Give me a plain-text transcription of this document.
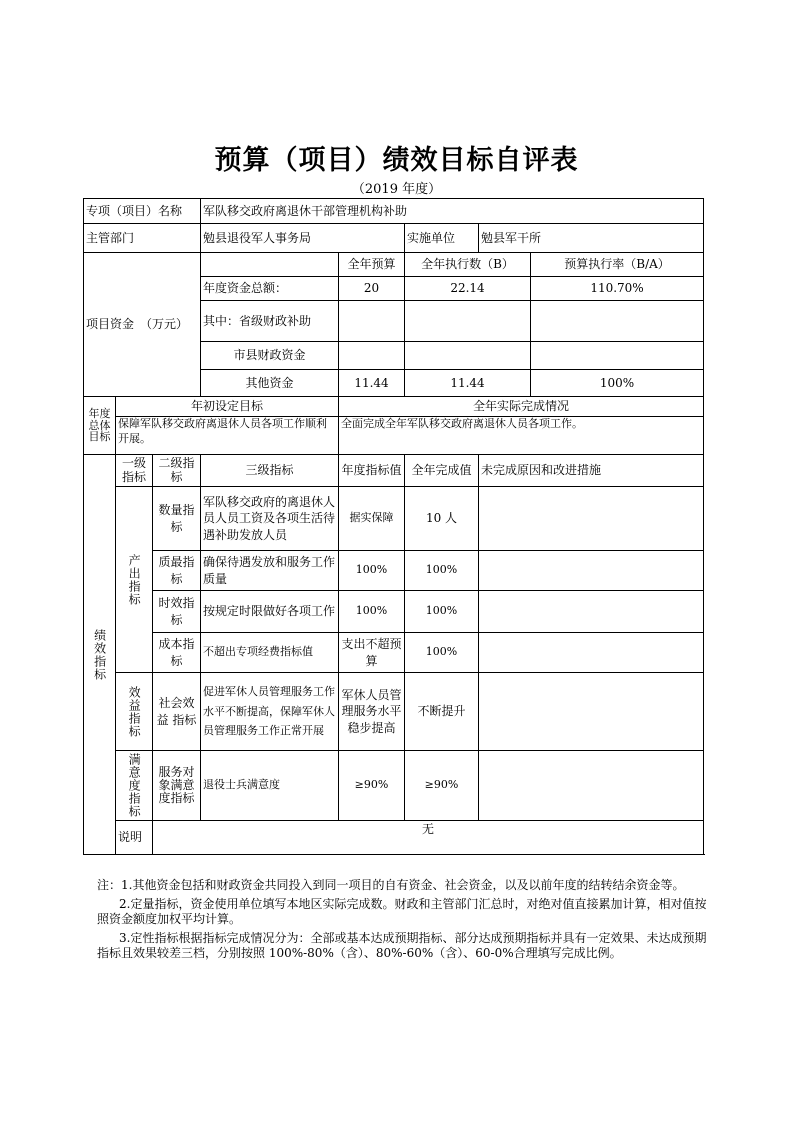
预算（项目）绩效目标自评表
（2019 年度）
专项（项目）名称			军队移交政府离退休干部管理机构补助				
主管部门			勉县退役军人事务局		实施单位	勉县军干所	
项目资金　（万元）				全年预算	全年执行数（B）		预算执行率（B/A）
			年度资金总额：	20	22.14		110.70%
			其中：省级财政补助				

			市县财政资金				
			其他资金	11.44	11.44		100%
年度总体目标	年初设定目标			全年实际完成情况			
	保障军队移交政府离退休人员各项工作顺利开展。			全面完成全年军队移交政府离退休人员各项工作。			

绩效指标	一级指标	二级指标	三级指标	年度指标值	全年完成值	未完成原因和改进措施	

	产出指标	数量指标	军队移交政府的离退休人员人员工资及各项生活待遇补助发放人员	据实保障	10 人		
		质最指标	确保待遇发放和服务工作质量	100%	100%		
		时效指标	按规定时限做好各项工作	100%	100%		
		成本指标	不超出专项经费指标值	支出不超预算	100%		

	效益指标	社会效益 指标	促进军休人员管理服务工作水平不断提高，保障军休人员管理服务工作正常开展	军休人员管理服务水平稳步提高	不断提升		

	满意度指标	服务对象满意度指标	退役士兵满意度	≥90%	≥90%		
	说明	无					

注：1.其他资金包括和财政资金共同投入到同一项目的自有资金、社会资金，以及以前年度的结转结余资金等。

2.定量指标，资金使用单位填写本地区实际完成数。财政和主管部门汇总时，对绝对值直接累加计算，相对值按照资金额度加权平均计算。

3.定性指标根据指标完成情况分为：全部或基本达成预期指标、部分达成预期指标并具有一定效果、未达成预期指标且效果较差三档，分别按照 100%-80%（含）、80%-60%（含）、60-0%合理填写完成比例。
